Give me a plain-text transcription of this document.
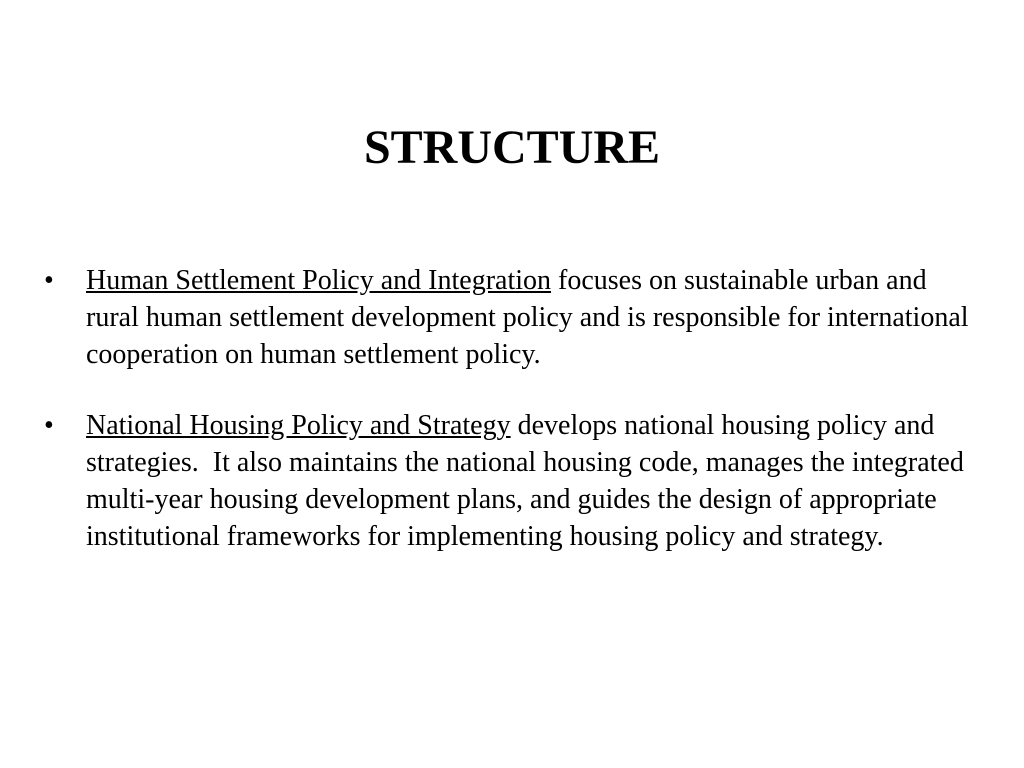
STRUCTURE
• Human Settlement Policy and Integration focuses on sustainable urban and rural human settlement development policy and is responsible for international cooperation on human settlement policy.
• National Housing Policy and Strategy develops national housing policy and strategies.  It also maintains the national housing code, manages the integrated multi-year housing development plans, and guides the design of appropriate institutional frameworks for implementing housing policy and strategy.
